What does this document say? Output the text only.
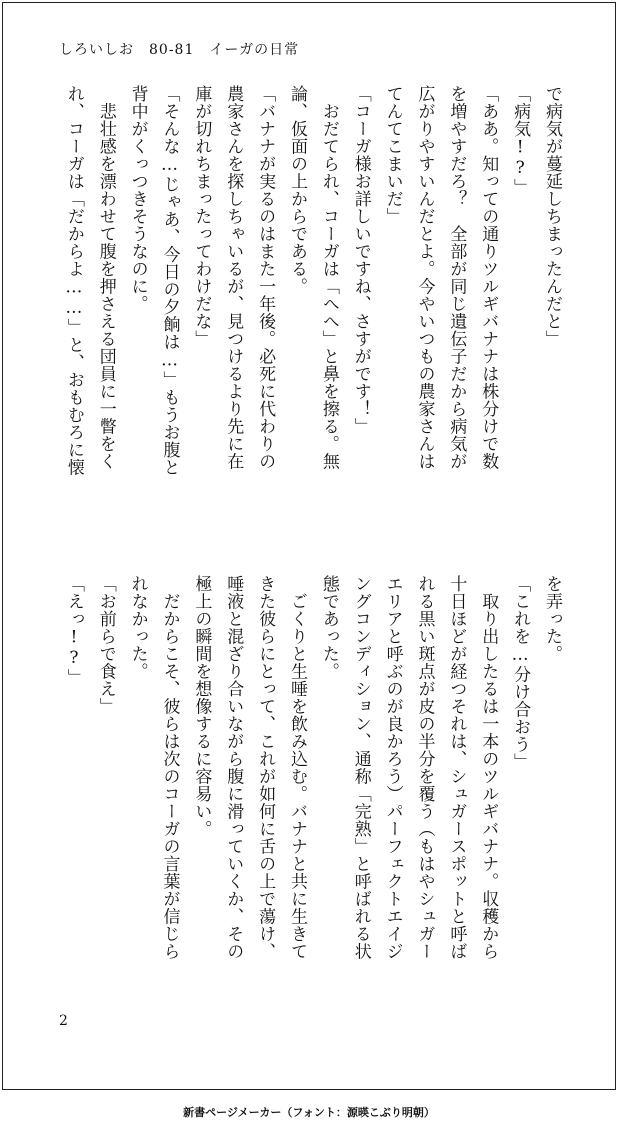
しろいしお　80-81　イーガの日常
で病気が蔓延しちまったんだと」
「病気!?」
「ああ。知っての通りツルギバナナは株分けで数
を増やすだろ？　全部が同じ遺伝子だから病気が
広がりやすいんだとよ。今やいつもの農家さんは
てんてこまいだ」
「コーガ様お詳しいですね、さすがです！」
　おだてられ、コーガは「へへ」と鼻を擦る。無
論、仮面の上からである。
「バナナが実るのはまた一年後。必死に代わりの
農家さんを探しちゃいるが、見つけるより先に在
庫が切れちまったってわけだな」
「そんな…じゃあ、今日の夕餉は…」もうお腹と
背中がくっつきそうなのに。
　悲壮感を漂わせて腹を押さえる団員に一瞥をく
れ、コーガは「だからよ……」と、おもむろに懐
を弄った。
「これを…分け合おう」
　取り出したるは一本のツルギバナナ。収穫から
十日ほどが経つそれは、シュガースポットと呼ば
れる黒い斑点が皮の半分を覆う（もはやシュガー
エリアと呼ぶのが良かろう）パーフェクトエイジ
ングコンディション、通称「完熟」と呼ばれる状
態であった。
　ごくりと生唾を飲み込む。バナナと共に生きて
きた彼らにとって、これが如何に舌の上で蕩け、
唾液と混ざり合いながら腹に滑っていくか、その
極上の瞬間を想像するに容易い。
　だからこそ、彼らは次のコーガの言葉が信じら
れなかった。
「お前らで食え」
「えっ!?」
2
新書ページメーカー（フォント：源暎こぶり明朝）
